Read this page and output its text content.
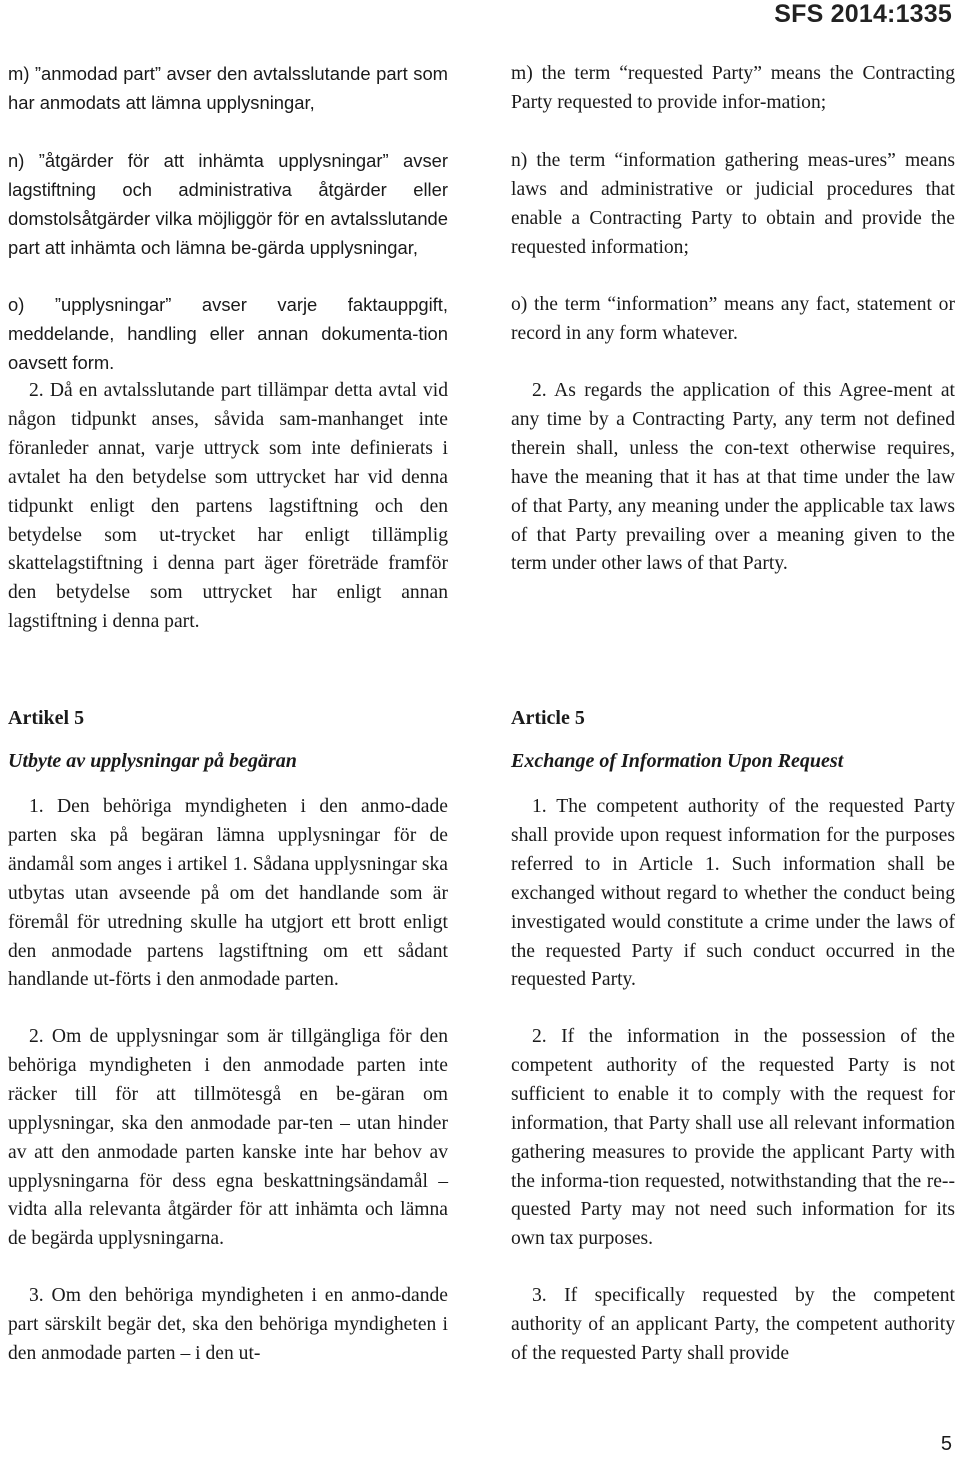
SFS 2014:1335

m) ”anmodad part” avser den avtalsslutande part som har anmodats att lämna upplysningar,

n) ”åtgärder för att inhämta upplysningar” avser lagstiftning och administrativa åtgärder eller domstolsåtgärder vilka möjliggör för en avtalsslutande part att inhämta och lämna be-gärda upplysningar,

o) ”upplysningar” avser varje faktauppgift, meddelande, handling eller annan dokumenta-tion oavsett form.

2. Då en avtalsslutande part tillämpar detta avtal vid någon tidpunkt anses, såvida sam-manhanget inte föranleder annat, varje uttryck som inte definierats i avtalet ha den betydelse som uttrycket har vid denna tidpunkt enligt den partens lagstiftning och den betydelse som ut-trycket har enligt tillämplig skattelagstiftning i denna part äger företräde framför den betydelse som uttrycket har enligt annan lagstiftning i denna part.

Artikel 5
Utbyte av upplysningar på begäran

1. Den behöriga myndigheten i den anmo-dade parten ska på begäran lämna upplysningar för de ändamål som anges i artikel 1. Sådana upplysningar ska utbytas utan avseende på om det handlande som är föremål för utredning skulle ha utgjort ett brott enligt den anmodade partens lagstiftning om ett sådant handlande ut-förts i den anmodade parten.

2. Om de upplysningar som är tillgängliga för den behöriga myndigheten i den anmodade parten inte räcker till för att tillmötesgå en be-gäran om upplysningar, ska den anmodade par-ten – utan hinder av att den anmodade parten kanske inte har behov av upplysningarna för dess egna beskattningsändamål – vidta alla relevanta åtgärder för att inhämta och lämna de begärda upplysningarna.

3. Om den behöriga myndigheten i en anmo-dande part särskilt begär det, ska den behöriga myndigheten i den anmodade parten – i den ut-

m) the term “requested Party” means the Contracting Party requested to provide infor-mation;

n) the term “information gathering meas-ures” means laws and administrative or judicial procedures that enable a Contracting Party to obtain and provide the requested information;

o) the term “information” means any fact, statement or record in any form whatever.

2. As regards the application of this Agree-ment at any time by a Contracting Party, any term not defined therein shall, unless the con-text otherwise requires, have the meaning that it has at that time under the law of that Party, any meaning under the applicable tax laws of that Party prevailing over a meaning given to the term under other laws of that Party.

Article 5
Exchange of Information Upon Request

1. The competent authority of the requested Party shall provide upon request information for the purposes referred to in Article 1. Such information shall be exchanged without regard to whether the conduct being investigated would constitute a crime under the laws of the requested Party if such conduct occurred in the requested Party.

2. If the information in the possession of the competent authority of the requested Party is not sufficient to enable it to comply with the request for information, that Party shall use all relevant information gathering measures to provide the applicant Party with the informa-tion requested, notwithstanding that the re-quested Party may not need such information for its own tax purposes.

3. If specifically requested by the competent authority of an applicant Party, the competent authority of the requested Party shall provide

5
